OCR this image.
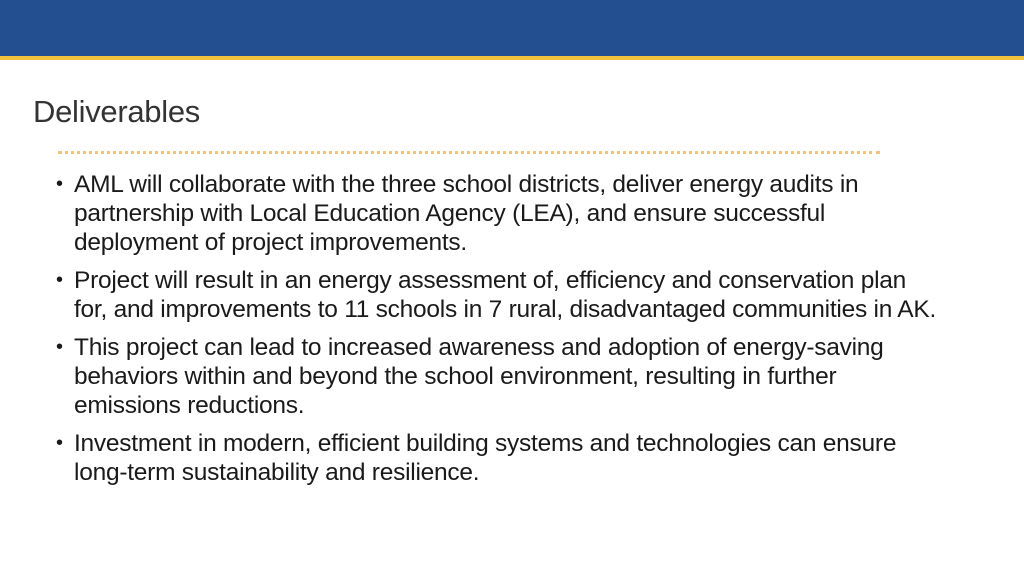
Deliverables
• AML will collaborate with the three school districts, deliver energy audits in partnership with Local Education Agency (LEA), and ensure successful deployment of project improvements.
• Project will result in an energy assessment of, efficiency and conservation plan for, and improvements to 11 schools in 7 rural, disadvantaged communities in AK.
• This project can lead to increased awareness and adoption of energy-saving behaviors within and beyond the school environment, resulting in further emissions reductions.
• Investment in modern, efficient building systems and technologies can ensure long-term sustainability and resilience.
